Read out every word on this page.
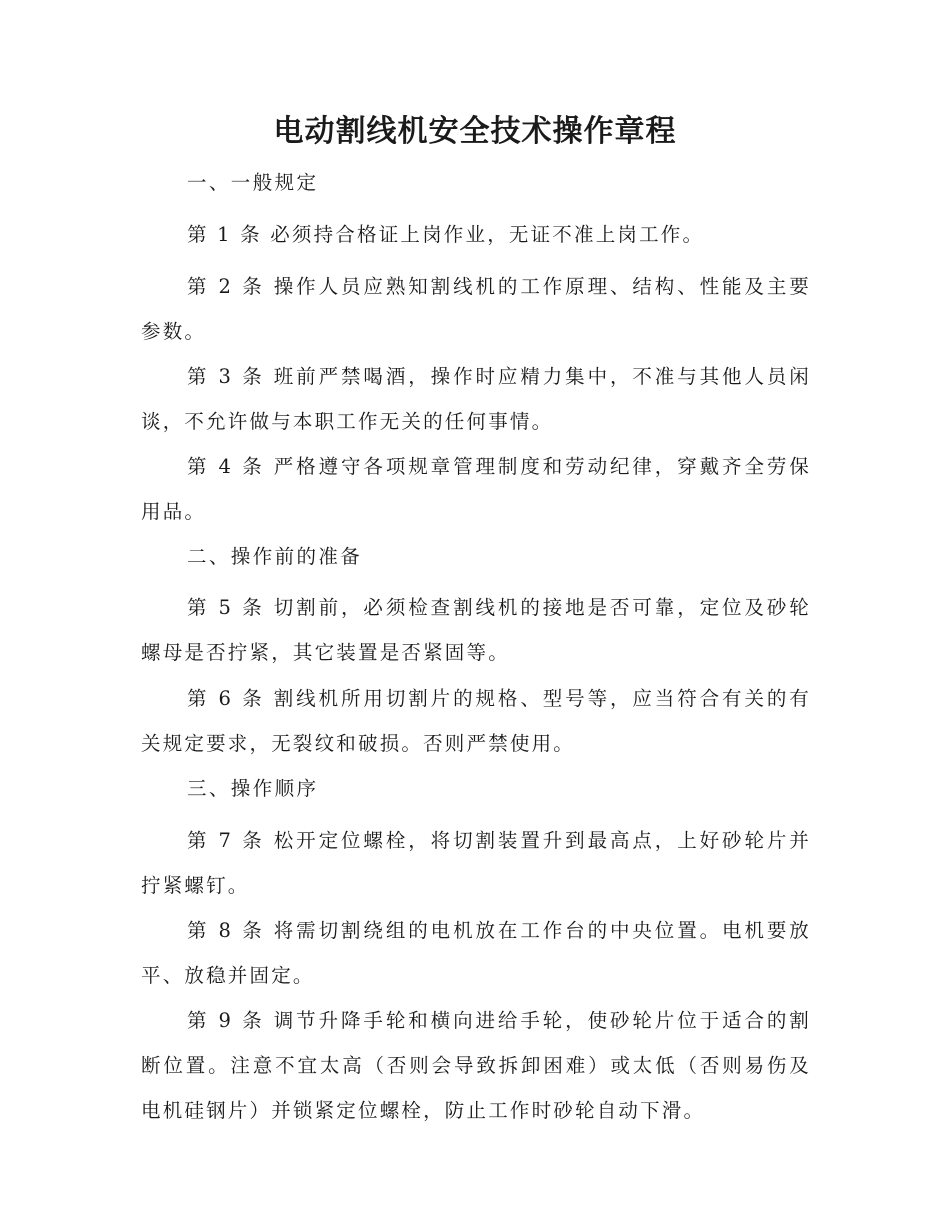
电动割线机安全技术操作章程

一、一般规定

第 1 条 必须持合格证上岗作业，无证不准上岗工作。

第 2 条 操作人员应熟知割线机的工作原理、结构、性能及主要参数。

第 3 条 班前严禁喝酒，操作时应精力集中，不准与其他人员闲谈，不允许做与本职工作无关的任何事情。

第 4 条 严格遵守各项规章管理制度和劳动纪律，穿戴齐全劳保用品。

二、操作前的准备

第 5 条 切割前，必须检查割线机的接地是否可靠，定位及砂轮螺母是否拧紧，其它装置是否紧固等。

第 6 条 割线机所用切割片的规格、型号等，应当符合有关的有关规定要求，无裂纹和破损。否则严禁使用。

三、操作顺序

第 7 条 松开定位螺栓，将切割装置升到最高点，上好砂轮片并拧紧螺钉。

第 8 条 将需切割绕组的电机放在工作台的中央位置。电机要放平、放稳并固定。

第 9 条 调节升降手轮和横向进给手轮，使砂轮片位于适合的割断位置。注意不宜太高（否则会导致拆卸困难）或太低（否则易伤及电机硅钢片）并锁紧定位螺栓，防止工作时砂轮自动下滑。
